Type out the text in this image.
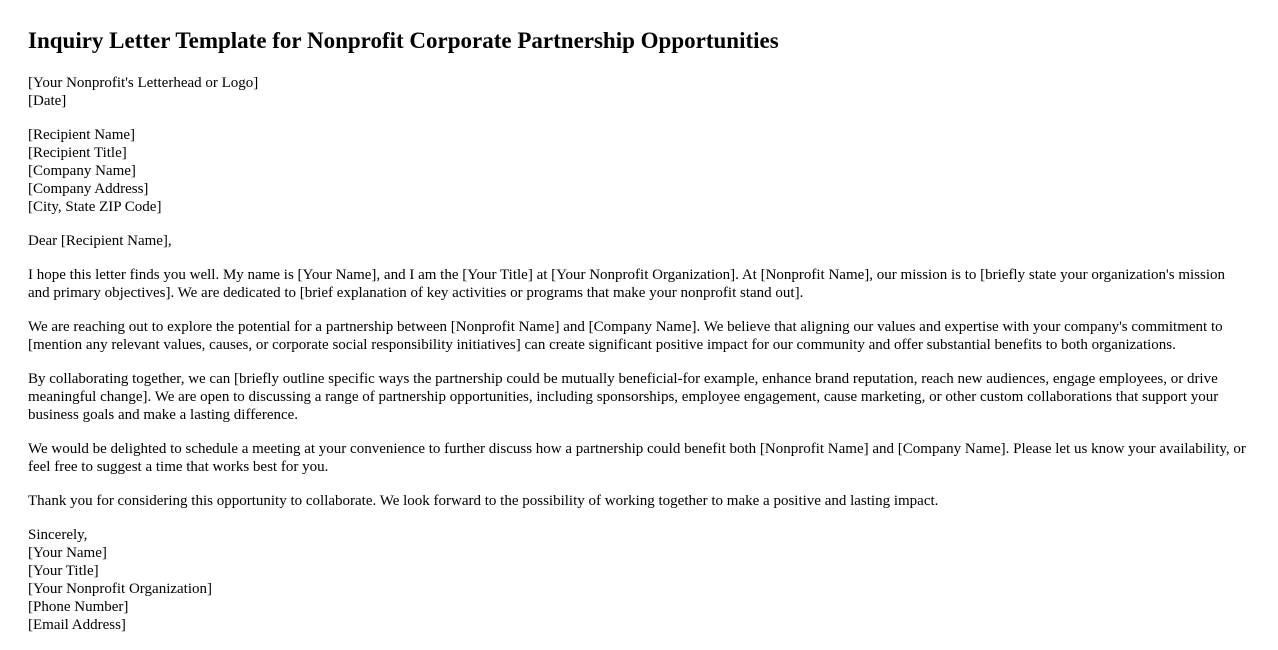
Inquiry Letter Template for Nonprofit Corporate Partnership Opportunities
[Your Nonprofit's Letterhead or Logo]
[Date]
[Recipient Name]
[Recipient Title]
[Company Name]
[Company Address]
[City, State ZIP Code]

Dear [Recipient Name],

I hope this letter finds you well. My name is [Your Name], and I am the [Your Title] at [Your Nonprofit Organization]. At [Nonprofit Name], our mission is to [briefly state your organization's mission and primary objectives]. We are dedicated to [brief explanation of key activities or programs that make your nonprofit stand out].

We are reaching out to explore the potential for a partnership between [Nonprofit Name] and [Company Name]. We believe that aligning our values and expertise with your company's commitment to [mention any relevant values, causes, or corporate social responsibility initiatives] can create significant positive impact for our community and offer substantial benefits to both organizations.

By collaborating together, we can [briefly outline specific ways the partnership could be mutually beneficial-for example, enhance brand reputation, reach new audiences, engage employees, or drive meaningful change]. We are open to discussing a range of partnership opportunities, including sponsorships, employee engagement, cause marketing, or other custom collaborations that support your business goals and make a lasting difference.

We would be delighted to schedule a meeting at your convenience to further discuss how a partnership could benefit both [Nonprofit Name] and [Company Name]. Please let us know your availability, or feel free to suggest a time that works best for you.

Thank you for considering this opportunity to collaborate. We look forward to the possibility of working together to make a positive and lasting impact.

Sincerely,
[Your Name]
[Your Title]
[Your Nonprofit Organization]
[Phone Number]
[Email Address]
